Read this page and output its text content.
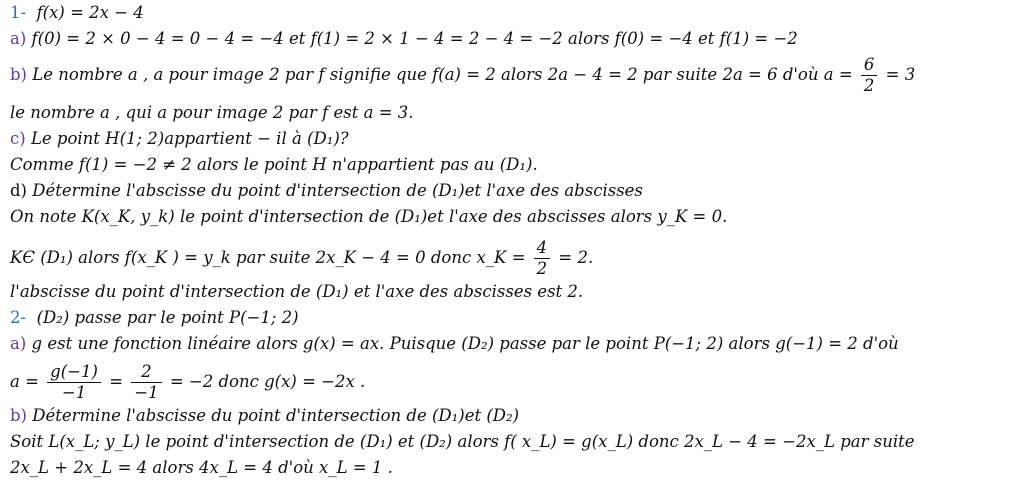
1- f(x) = 2x − 4
a) f(0) = 2 × 0 − 4 = 0 − 4 = −4 et f(1) = 2 × 1 − 4 = 2 − 4 = −2 alors f(0) = −4 et f(1) = −2
b) Le nombre a , a pour image 2 par f signifie que f(a) = 2 alors 2a − 4 = 2 par suite 2a = 6 d'où $a = \frac{6}{2} = 3$
le nombre a , qui a pour image 2 par f est a = 3.
c) Le point H(1; 2)appartient − il à (D₁)?
Comme f(1) = −2 ≠ 2 alors le point H n'appartient pas au (D₁).
d) Détermine l'abscisse du point d'intersection de (D₁)et l'axe des abscisses
On note K(x_K, y_k) le point d'intersection de (D₁)et l'axe des abscisses alors y_K = 0.
KЄ (D₁) alors f(x_K ) = y_k par suite 2x_K − 4 = 0 donc x_K = $\frac{4}{2} = 2$.
l'abscisse du point d'intersection de (D₁) et l'axe des abscisses est 2.
2- (D₂) passe par le point P(−1; 2)
a) g est une fonction linéaire alors g(x) = ax. Puisque (D₂) passe par le point P(−1; 2) alors g(−1) = 2 d'où
$a = \frac{g(-1)}{-1} = \frac{2}{-1} = -2$ donc g(x) = −2x .
b) Détermine l'abscisse du point d'intersection de (D₁)et (D₂)
Soit L(x_L; y_L) le point d'intersection de (D₁) et (D₂) alors f( x_L) = g(x_L) donc 2x_L − 4 = −2x_L par suite
2x_L + 2x_L = 4 alors 4x_L = 4 d'où x_L = 1 .
